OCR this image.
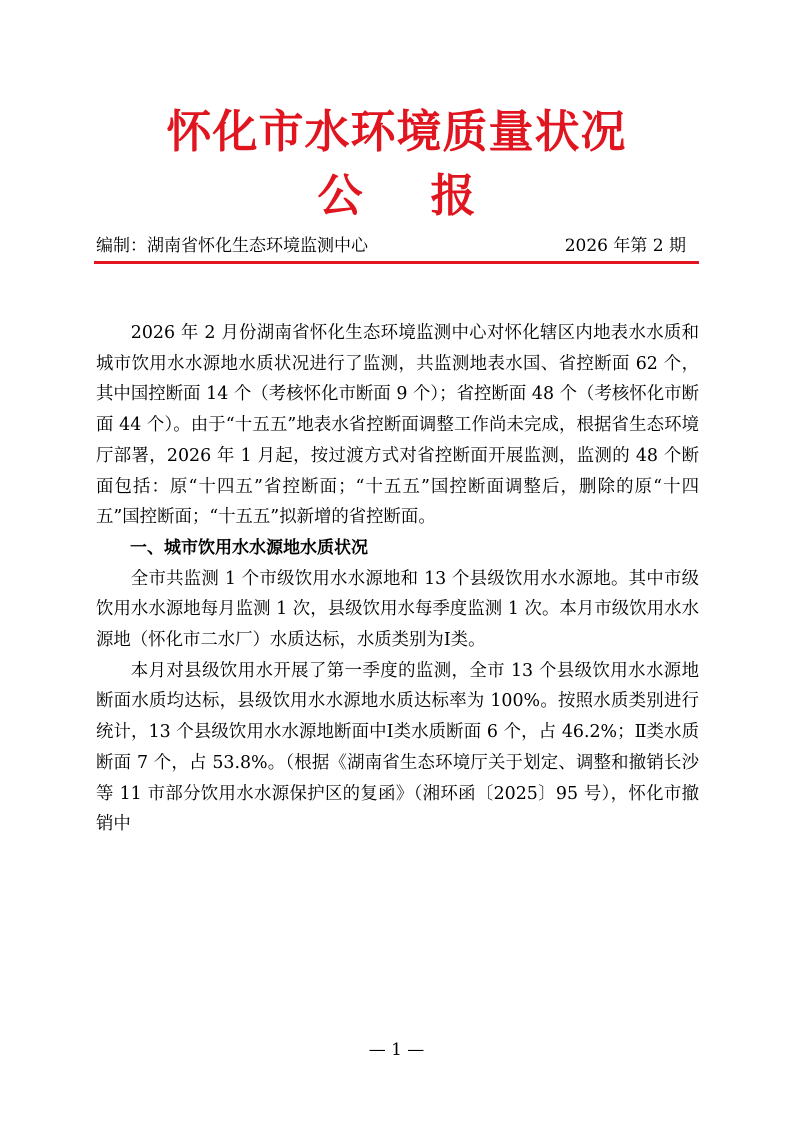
怀化市水环境质量状况
公 报
编制：湖南省怀化生态环境监测中心	2026 年第 2 期

2026 年 2 月份湖南省怀化生态环境监测中心对怀化辖区内地表水水质和城市饮用水水源地水质状况进行了监测，共监测地表水国、省控断面 62 个，其中国控断面 14 个（考核怀化市断面 9 个）；省控断面 48 个（考核怀化市断面 44 个）。由于“十五五”地表水省控断面调整工作尚未完成，根据省生态环境厅部署，2026 年 1 月起，按过渡方式对省控断面开展监测，监测的 48 个断面包括：原“十四五”省控断面；“十五五”国控断面调整后，删除的原“十四五”国控断面；“十五五”拟新增的省控断面。

一、城市饮用水水源地水质状况

全市共监测 1 个市级饮用水水源地和 13 个县级饮用水水源地。其中市级饮用水水源地每月监测 1 次，县级饮用水每季度监测 1 次。本月市级饮用水水源地（怀化市二水厂）水质达标，水质类别为Ⅰ类。

本月对县级饮用水开展了第一季度的监测，全市 13 个县级饮用水水源地断面水质均达标，县级饮用水水源地水质达标率为 100%。按照水质类别进行统计，13 个县级饮用水水源地断面中Ⅰ类水质断面 6 个，占 46.2%；Ⅱ类水质断面 7 个，占 53.8%。（根据《湖南省生态环境厅关于划定、调整和撤销长沙等 11 市部分饮用水水源保护区的复函》（湘环函〔2025〕95 号），怀化市撤销中

— 1 —
